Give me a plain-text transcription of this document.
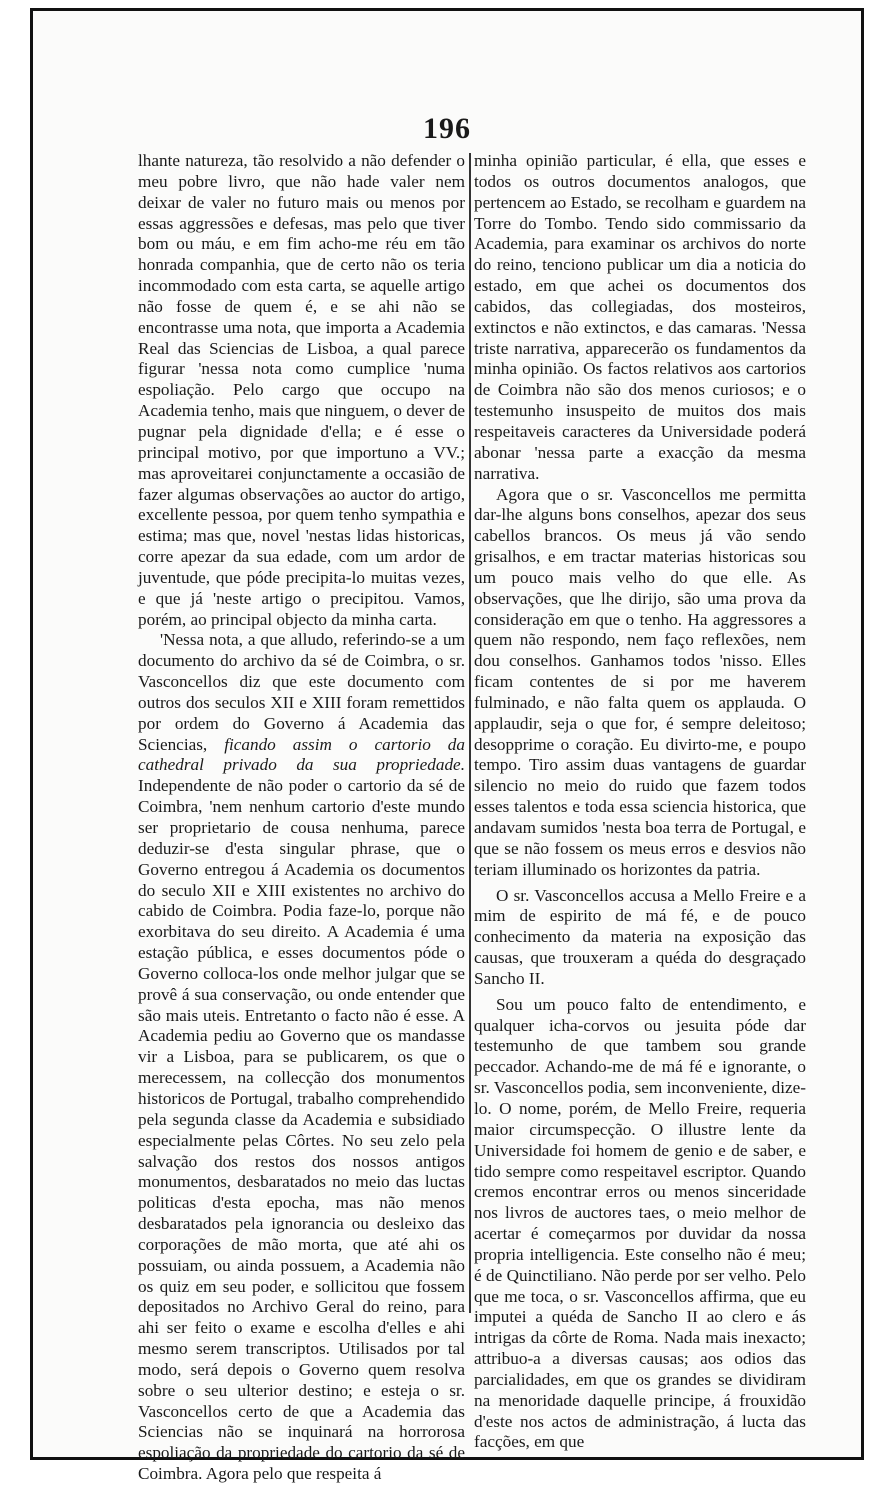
196

lhante natureza, tão resolvido a não defender o meu pobre livro, que não hade valer nem deixar de valer no futuro mais ou menos por essas aggressões e defesas, mas pelo que tiver bom ou máu, e em fim acho-me réu em tão honrada companhia, que de certo não os teria incommodado com esta carta, se aquelle artigo não fosse de quem é, e se ahi não se encontrasse uma nota, que importa a Academia Real das Sciencias de Lisboa, a qual parece figurar 'nessa nota como cumplice 'numa espoliação. Pelo cargo que occupo na Academia tenho, mais que ninguem, o dever de pugnar pela dignidade d'ella; e é esse o principal motivo, por que importuno a VV.; mas aproveitarei conjunctamente a occasião de fazer algumas observações ao auctor do artigo, excellente pessoa, por quem tenho sympathia e estima; mas que, novel 'nestas lidas historicas, corre apezar da sua edade, com um ardor de juventude, que póde precipita-lo muitas vezes, e que já 'neste artigo o precipitou. Vamos, porém, ao principal objecto da minha carta.

'Nessa nota, a que alludo, referindo-se a um documento do archivo da sé de Coimbra, o sr. Vasconcellos diz que este documento com outros dos seculos XII e XIII foram remettidos por ordem do Governo á Academia das Sciencias, ficando assim o cartorio da cathedral privado da sua propriedade. Independente de não poder o cartorio da sé de Coimbra, 'nem nenhum cartorio d'este mundo ser proprietario de cousa nenhuma, parece deduzir-se d'esta singular phrase, que o Governo entregou á Academia os documentos do seculo XII e XIII existentes no archivo do cabido de Coimbra. Podia faze-lo, porque não exorbitava do seu direito. A Academia é uma estação pública, e esses documentos póde o Governo colloca-los onde melhor julgar que se provê á sua conservação, ou onde entender que são mais uteis. Entretanto o facto não é esse. A Academia pediu ao Governo que os mandasse vir a Lisboa, para se publicarem, os que o merecessem, na collecção dos monumentos historicos de Portugal, trabalho comprehendido pela segunda classe da Academia e subsidiado especialmente pelas Côrtes. No seu zelo pela salvação dos restos dos nossos antigos monumentos, desbaratados no meio das luctas politicas d'esta epocha, mas não menos desbaratados pela ignorancia ou desleixo das corporações de mão morta, que até ahi os possuiam, ou ainda possuem, a Academia não os quiz em seu poder, e sollicitou que fossem depositados no Archivo Geral do reino, para ahi ser feito o exame e escolha d'elles e ahi mesmo serem transcriptos. Utilisados por tal modo, será depois o Governo quem resolva sobre o seu ulterior destino; e esteja o sr. Vasconcellos certo de que a Academia das Sciencias não se inquinará na horrorosa espoliação da propriedade do cartorio da sé de Coimbra. Agora pelo que respeita á

minha opinião particular, é ella, que esses e todos os outros documentos analogos, que pertencem ao Estado, se recolham e guardem na Torre do Tombo. Tendo sido commissario da Academia, para examinar os archivos do norte do reino, tenciono publicar um dia a noticia do estado, em que achei os documentos dos cabidos, das collegiadas, dos mosteiros, extinctos e não extinctos, e das camaras. 'Nessa triste narrativa, apparecerão os fundamentos da minha opinião. Os factos relativos aos cartorios de Coimbra não são dos menos curiosos; e o testemunho insuspeito de muitos dos mais respeitaveis caracteres da Universidade poderá abonar 'nessa parte a exacção da mesma narrativa.

Agora que o sr. Vasconcellos me permitta dar-lhe alguns bons conselhos, apezar dos seus cabellos brancos. Os meus já vão sendo grisalhos, e em tractar materias historicas sou um pouco mais velho do que elle. As observações, que lhe dirijo, são uma prova da consideração em que o tenho. Ha aggressores a quem não respondo, nem faço reflexões, nem dou conselhos. Ganhamos todos 'nisso. Elles ficam contentes de si por me haverem fulminado, e não falta quem os applauda. O applaudir, seja o que for, é sempre deleitoso; desopprime o coração. Eu divirto-me, e poupo tempo. Tiro assim duas vantagens de guardar silencio no meio do ruido que fazem todos esses talentos e toda essa sciencia historica, que andavam sumidos 'nesta boa terra de Portugal, e que se não fossem os meus erros e desvios não teriam illuminado os horizontes da patria.

O sr. Vasconcellos accusa a Mello Freire e a mim de espirito de má fé, e de pouco conhecimento da materia na exposição das causas, que trouxeram a quéda do desgraçado Sancho II.

Sou um pouco falto de entendimento, e qualquer icha-corvos ou jesuita póde dar testemunho de que tambem sou grande peccador. Achando-me de má fé e ignorante, o sr. Vasconcellos podia, sem inconveniente, dize-lo. O nome, porém, de Mello Freire, requeria maior circumspecção. O illustre lente da Universidade foi homem de genio e de saber, e tido sempre como respeitavel escriptor. Quando cremos encontrar erros ou menos sinceridade nos livros de auctores taes, o meio melhor de acertar é começarmos por duvidar da nossa propria intelligencia. Este conselho não é meu; é de Quinctiliano. Não perde por ser velho. Pelo que me toca, o sr. Vasconcellos affirma, que eu imputei a quéda de Sancho II ao clero e ás intrigas da côrte de Roma. Nada mais inexacto; attribuo-a a diversas causas; aos odios das parcialidades, em que os grandes se dividiram na menoridade daquelle principe, á frouxidão d'este nos actos de administração, á lucta das facções, em que
